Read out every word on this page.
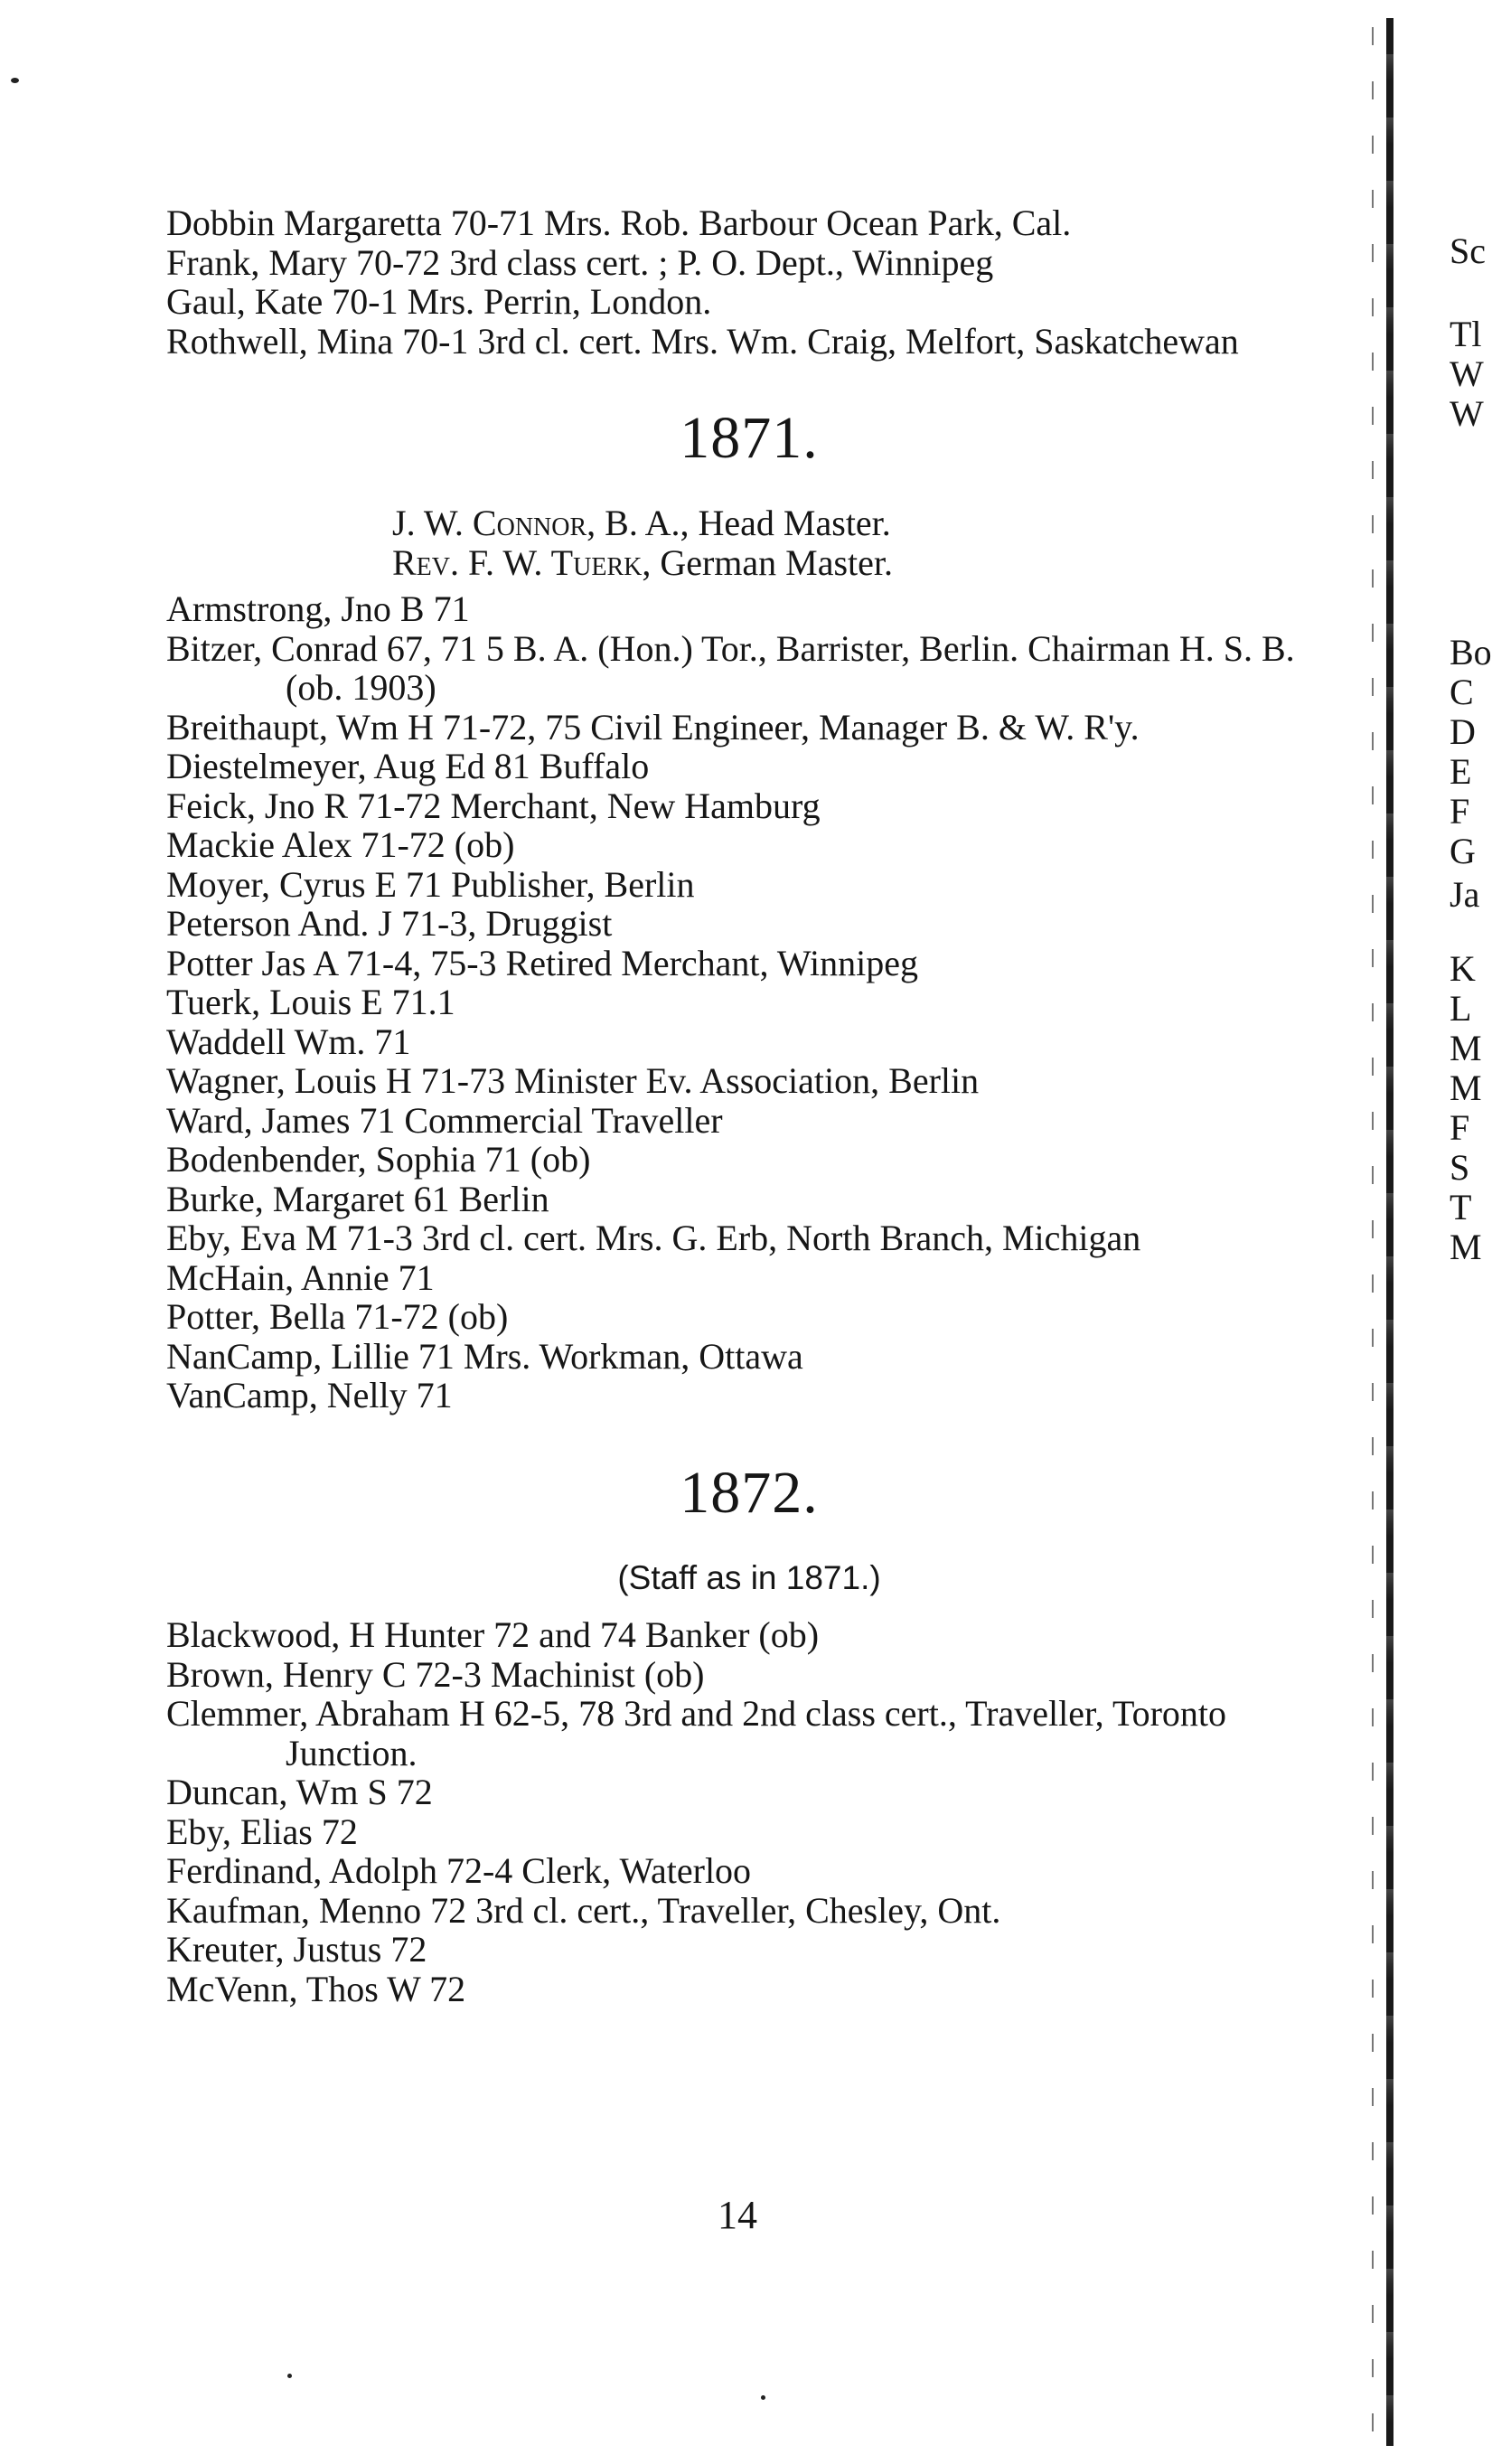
Dobbin Margaretta 70-71 Mrs. Rob. Barbour Ocean Park, Cal.

Frank, Mary 70-72 3rd class cert. ; P. O. Dept., Winnipeg

Gaul, Kate 70-1 Mrs. Perrin, London.

Rothwell, Mina 70-1 3rd cl. cert. Mrs. Wm. Craig, Melfort, Saskatchewan

1871.

J. W. Connor, B. A., Head Master.

Rev. F. W. Tuerk, German Master.

Armstrong, Jno B 71

Bitzer, Conrad 67, 71 5 B. A. (Hon.) Tor., Barrister, Berlin. Chairman H. S. B. (ob. 1903)

Breithaupt, Wm H 71-72, 75 Civil Engineer, Manager B. & W. R'y.

Diestelmeyer, Aug Ed 81 Buffalo

Feick, Jno R 71-72 Merchant, New Hamburg

Mackie Alex 71-72 (ob)

Moyer, Cyrus E 71 Publisher, Berlin

Peterson And. J 71-3, Druggist

Potter Jas A 71-4, 75-3 Retired Merchant, Winnipeg

Tuerk, Louis E 71.1

Waddell Wm. 71

Wagner, Louis H 71-73 Minister Ev. Association, Berlin

Ward, James 71 Commercial Traveller

Bodenbender, Sophia 71 (ob)

Burke, Margaret 61 Berlin

Eby, Eva M 71-3 3rd cl. cert. Mrs. G. Erb, North Branch, Michigan

McHain, Annie 71

Potter, Bella 71-72 (ob)

NanCamp, Lillie 71 Mrs. Workman, Ottawa

VanCamp, Nelly 71

1872.
(Staff as in 1871.)

Blackwood, H Hunter 72 and 74 Banker (ob)

Brown, Henry C 72-3 Machinist (ob)

Clemmer, Abraham H 62-5, 78 3rd and 2nd class cert., Traveller, Toronto Junction.

Duncan, Wm S 72

Eby, Elias 72

Ferdinand, Adolph 72-4 Clerk, Waterloo

Kaufman, Menno 72 3rd cl. cert., Traveller, Chesley, Ont.

Kreuter, Justus 72

McVenn, Thos W 72

14
Sc
Tl
W
W
Bo
C
D
E
F
G
Ja
K
L
M
M
F
S
T
M
